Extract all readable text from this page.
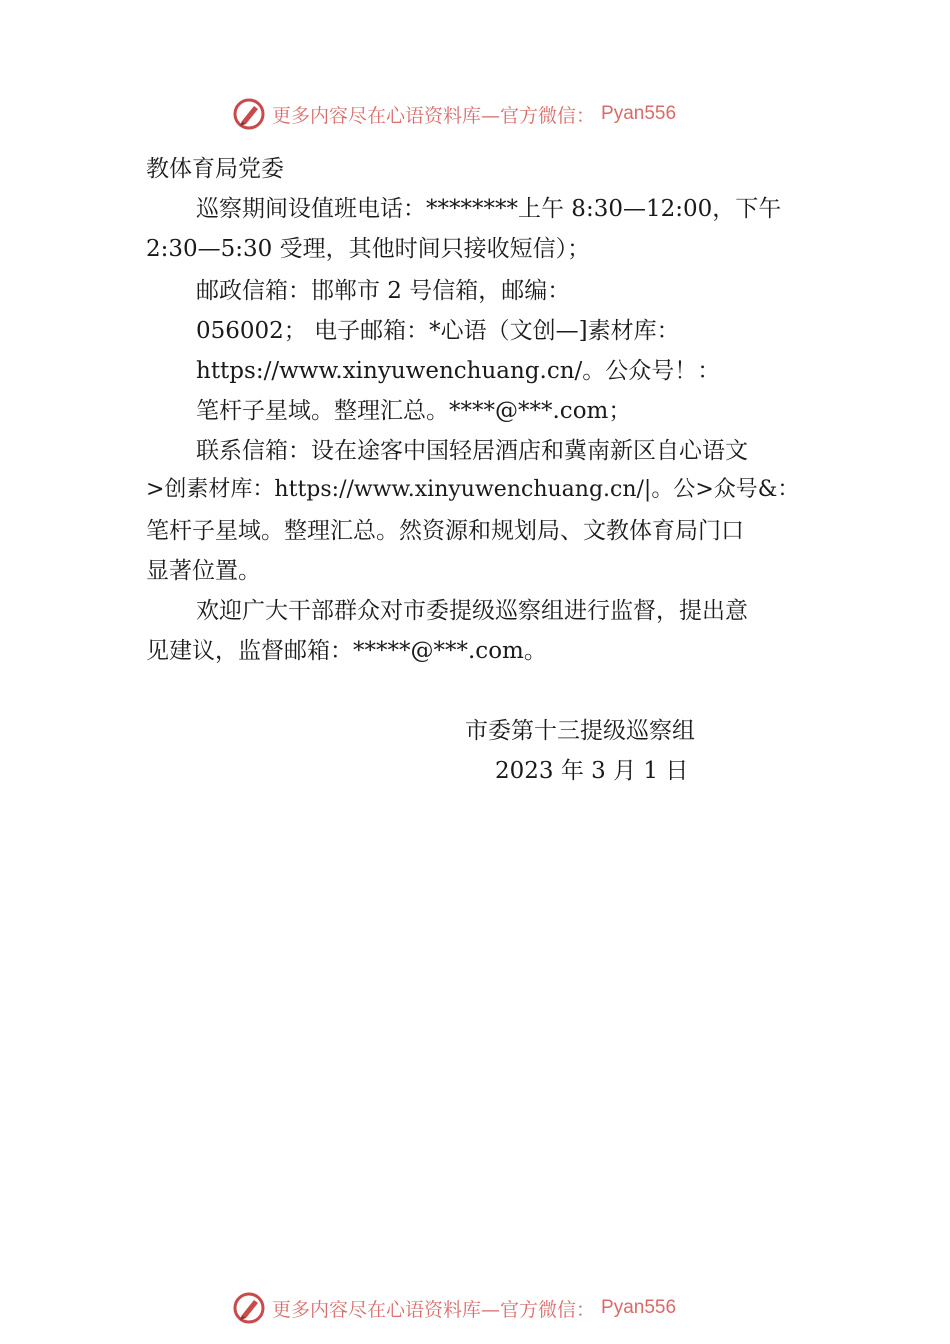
更多内容尽在心语资料库—官方微信： Pyan556
教体育局党委
巡察期间设值班电话：********上午 8:30—12:00，下午
2:30—5:30 受理，其他时间只接收短信）；
邮政信箱：邯郸市 2 号信箱，邮编：
056002； 电子邮箱：*心语（文创—]素材库：
https://www.xinyuwenchuang.cn/。公众号！：
笔杆子星域。整理汇总。****@***.com；
联系信箱：设在途客中国轻居酒店和冀南新区自心语文
>创素材库：https://www.xinyuwenchuang.cn/|。公>众号&：
笔杆子星域。整理汇总。然资源和规划局、文教体育局门口
显著位置。
欢迎广大干部群众对市委提级巡察组进行监督，提出意
见建议，监督邮箱：*****@***.com。
市委第十三提级巡察组
2023 年 3 月 1 日
更多内容尽在心语资料库—官方微信： Pyan556
